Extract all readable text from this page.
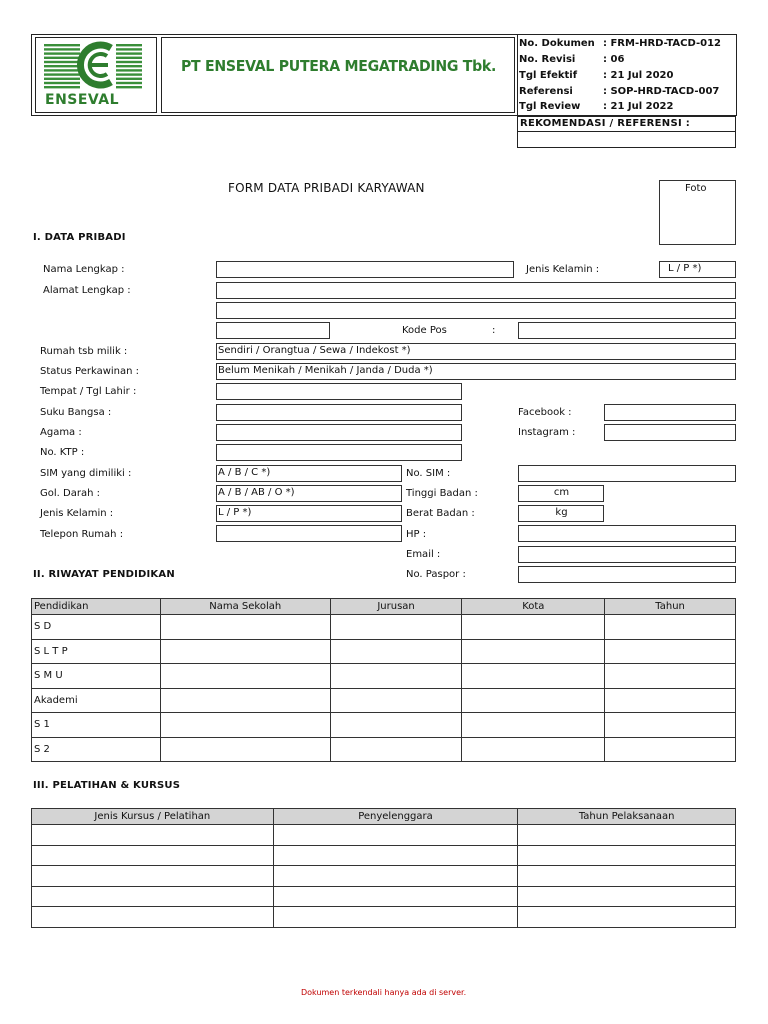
ENSEVAL
PT ENSEVAL PUTERA MEGATRADING Tbk.
No. Dokumen : FRM-HRD-TACD-012
No. Revisi	: 06
Tgl Efektif	: 21 Jul 2020
Referensi	: SOP-HRD-TACD-007
Tgl Review : 21 Jul 2022
REKOMENDASI / REFERENSI :
FORM DATA PRIBADI KARYAWAN	Foto
I. DATA PRIBADI
Nama Lengkap :	Jenis Kelamin :	L / P *)
Alamat Lengkap :
Kode Pos	:
Rumah tsb milik :	Sendiri / Orangtua / Sewa / Indekost *)
Status Perkawinan :	Belum Menikah / Menikah / Janda / Duda *)
Tempat / Tgl Lahir :
Suku Bangsa :	Facebook :
Agama :	Instagram :
No. KTP :
SIM yang dimiliki :	A / B / C *)	No. SIM :
Gol. Darah :	A / B / AB / O *)	Tinggi Badan :	cm
Jenis Kelamin :	L / P *)	Berat Badan :	kg
Telepon Rumah :	HP :
Email :
II. RIWAYAT PENDIDIKAN	No. Paspor :
Pendidikan	Nama Sekolah	Jurusan	Kota	Tahun
S D				
S L T P				
S M U				
Akademi				
S 1				
S 2				
III. PELATIHAN & KURSUS
Jenis Kursus / Pelatihan	Penyelenggara	Tahun Pelaksanaan

Dokumen terkendali hanya ada di server.
